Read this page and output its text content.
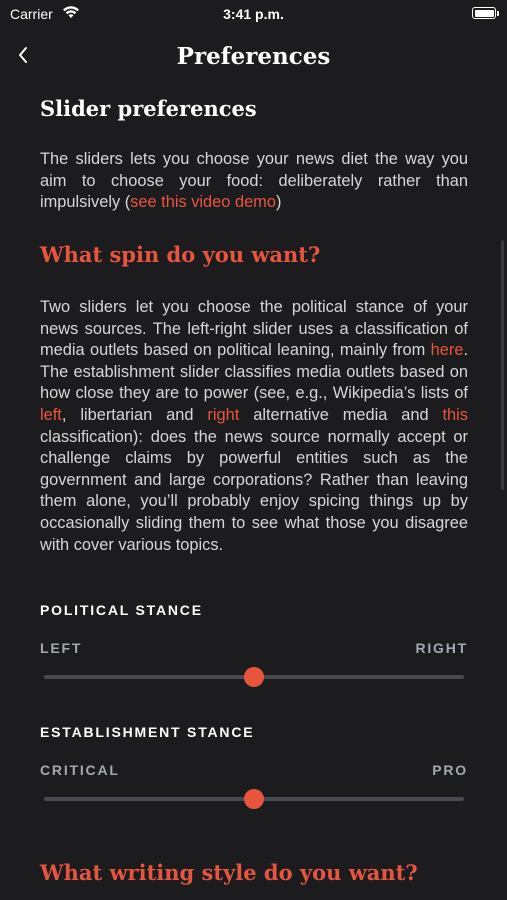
Carrier	3:41 p.m.
Preferences
Slider preferences

The sliders lets you choose your news diet the way you aim to choose your food: deliberately rather than impulsively (see this video demo)

What spin do you want?

Two sliders let you choose the political stance of your news sources. The left-right slider uses a classification of media outlets based on political leaning, mainly from here. The establishment slider classifies media outlets based on how close they are to power (see, e.g., Wikipedia’s lists of left, libertarian and right alternative media and this classification): does the news source normally accept or challenge claims by powerful entities such as the government and large corporations? Rather than leaving them alone, you’ll probably enjoy spicing things up by occasionally sliding them to see what those you disagree with cover various topics.

POLITICAL STANCE
LEFT	RIGHT
ESTABLISHMENT STANCE
CRITICAL	PRO
What writing style do you want?
